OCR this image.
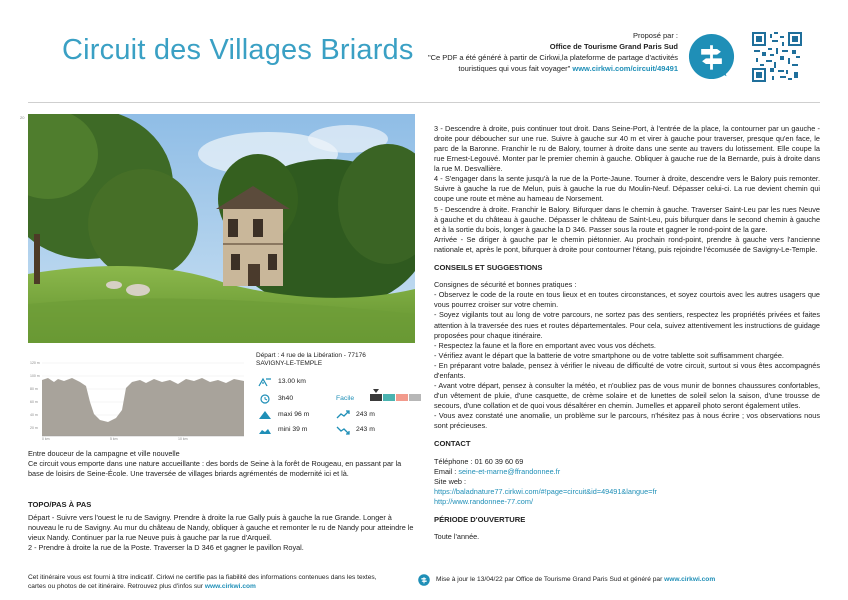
Circuit des Villages Briards	Proposé par :
Office de Tourisme Grand Paris Sud
"Ce PDF a été généré à partir de Cirkwi,la plateforme de partage d'activités
touristiques qui vous fait voyager" www.cirkwi.com/circuit/49491
20
120 m
100 m
80 m
60 m
40 m
20 m
0 km	5 km	10 km
Départ : 4 rue de la Libération - 77176
SAVIGNY-LE-TEMPLE
13.00 km
3h40
maxi 96 m
mini 39 m
Facile
243 m
243 m
Entre douceur de la campagne et ville nouvelle
Ce circuit vous emporte dans une nature accueillante : des bords de Seine à la forêt de Rougeau, en passant par la base de loisirs de Seine-École. Une traversée de villages briards agrémentés de modernité ici et là.
TOPO/PAS À PAS
Départ - Suivre vers l'ouest le ru de Savigny. Prendre à droite la rue Gally puis à gauche la rue Grande. Longer à nouveau le ru de Savigny. Au mur du château de Nandy, obliquer à gauche et remonter le ru de Nandy pour atteindre le vieux Nandy. Continuer par la rue Neuve puis à gauche par la rue d'Arqueil.
2 - Prendre à droite la rue de la Poste. Traverser la D 346 et gagner le pavillon Royal.
Cet itinéraire vous est fourni à titre indicatif. Cirkwi ne certifie pas la fiabilité des informations contenues dans les textes, cartes ou photos de cet itinéraire. Retrouvez plus d'infos sur www.cirkwi.com

3 - Descendre à droite, puis continuer tout droit. Dans Seine-Port, à l'entrée de la place, la contourner par un gauche - droite pour déboucher sur une rue. Suivre à gauche sur 40 m et virer à gauche pour traverser, presque qu'en face, le parc de la Baronne. Franchir le ru de Balory, tourner à droite dans une sente au travers du lotissement. Elle coupe la rue Ernest-Legouvé. Monter par le premier chemin à gauche. Obliquer à gauche rue de la Bernarde, puis à droite dans la rue M. Desvallière.

4 - S'engager dans la sente jusqu'à la rue de la Porte-Jaune. Tourner à droite, descendre vers le Balory puis remonter. Suivre à gauche la rue de Melun, puis à gauche la rue du Moulin-Neuf. Dépasser celui-ci. La rue devient chemin qui coupe une route et mène au hameau de Norsement.

5 - Descendre à droite. Franchir le Balory. Bifurquer dans le chemin à gauche. Traverser Saint-Leu par les rues Neuve à gauche et du château à gauche. Dépasser le château de Saint-Leu, puis bifurquer dans le second chemin à gauche et à la sortie du bois, longer à gauche la D 346. Passer sous la route et gagner le rond-point de la gare.

Arrivée - Se diriger à gauche par le chemin piétonnier. Au prochain rond-point, prendre à gauche vers l'ancienne nationale et, après le pont, bifurquer à droite pour contourner l'étang, puis rejoindre l'écomusée de Savigny-Le-Temple.

CONSEILS ET SUGGESTIONS

Consignes de sécurité et bonnes pratiques :

- Observez le code de la route en tous lieux et en toutes circonstances, et soyez courtois avec les autres usagers que vous pourrez croiser sur votre chemin.

- Soyez vigilants tout au long de votre parcours, ne sortez pas des sentiers, respectez les propriétés privées et faites attention à la traversée des rues et routes départementales. Pour cela, suivez attentivement les instructions de guidage proposées pour chaque itinéraire.

- Respectez la faune et la flore en emportant avec vous vos déchets.

- Vérifiez avant le départ que la batterie de votre smartphone ou de votre tablette soit suffisamment chargée.

- En préparant votre balade, pensez à vérifier le niveau de difficulté de votre circuit, surtout si vous êtes accompagnés d'enfants.

- Avant votre départ, pensez à consulter la météo, et n'oubliez pas de vous munir de bonnes chaussures confortables, d'un vêtement de pluie, d'une casquette, de crème solaire et de lunettes de soleil selon la saison, d'une trousse de secours, d'une collation et de quoi vous désaltérer en chemin. Jumelles et appareil photo seront également utiles.

- Vous avez constaté une anomalie, un problème sur le parcours, n'hésitez pas à nous écrire ; vos observations nous sont précieuses.

CONTACT

Téléphone : 01 60 39 60 69

Email : seine-et-marne@ffrandonnee.fr

Site web :

https://baladnature77.cirkwi.com/#!page=circuit&id=49491&langue=fr

http://www.randonnee-77.com/

PÉRIODE D'OUVERTURE

Toute l'année.

Mise à jour le 13/04/22 par Office de Tourisme Grand Paris Sud et généré par www.cirkwi.com
